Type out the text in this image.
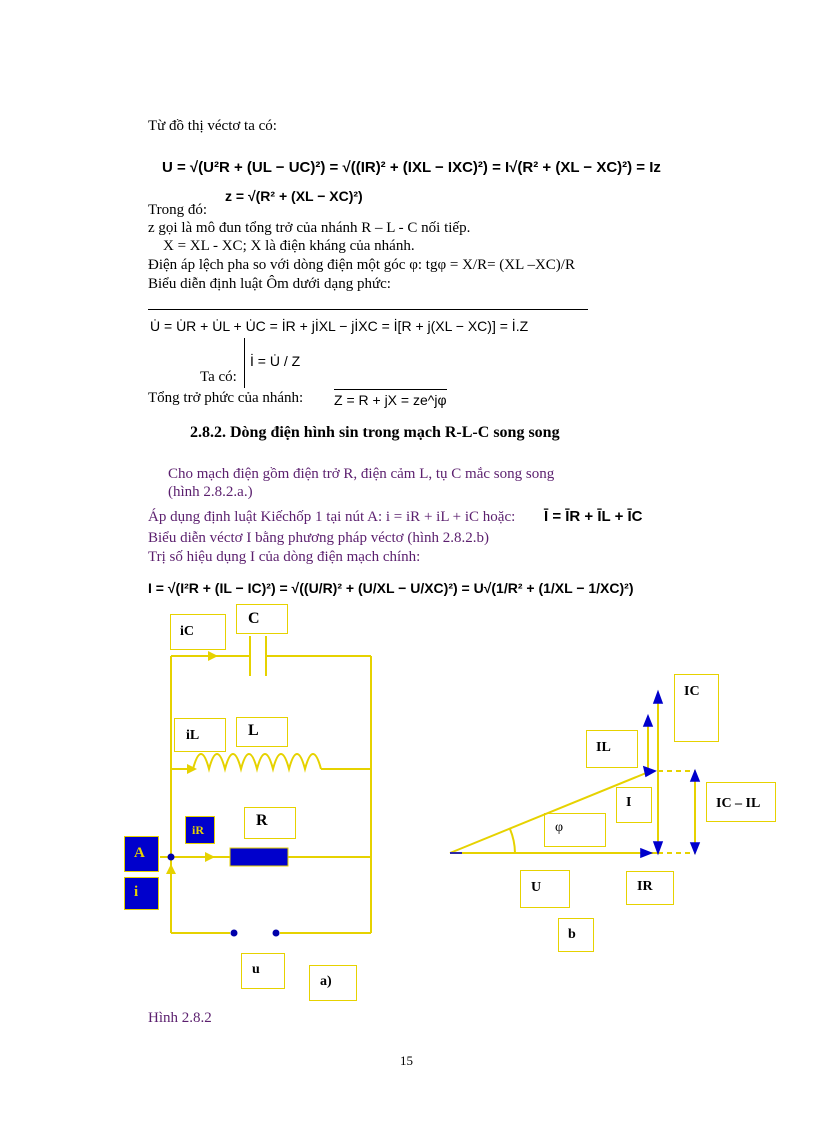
Từ đồ thị véctơ ta có:
U = √(U²R + (UL − UC)²) = √((IR)² + (IXL − IXC)²) = I√(R² + (XL − XC)²) = Iz
Trong đó:
z = √(R² + (XL − XC)²)
z gọi là mô đun tổng trở của nhánh R – L - C nối tiếp.
X = XL - XC; X là điện kháng của nhánh.
Điện áp lệch pha so với dòng điện một góc φ: tgφ = X/R= (XL –XC)/R
Biểu diễn định luật Ôm dưới dạng phức:
U̇ = U̇R + U̇L + U̇C = İR + jİXL − jİXC = İ[R + j(XL − XC)] = İ.Z
İ = U̇ / Z
Ta có:
Tổng trở phức của nhánh: Z = R + jX = ze^jφ
2.8.2. Dòng điện hình sin trong mạch R-L-C song song
Cho mạch điện gồm điện trở R, điện cảm L, tụ C mắc song song
(hình 2.8.2.a.)
Áp dụng định luật Kiếchốp 1 tại nút A: i = iR + iL + iC hoặc: Ī = ĪR + ĪL + ĪC
Biểu diễn véctơ I bằng phương pháp véctơ (hình 2.8.2.b)
Trị số hiệu dụng I của dòng điện mạch chính:
I = √(I²R + (IL − IC)²) = √((U/R)² + (U/XL − U/XC)²) = U√(1/R² + (1/XL − 1/XC)²)
iC
C
iL	L
iR
R
A
i
u
a)
IC
IL
I	IC – IL
φ
U	IR
b
Hình 2.8.2
15
